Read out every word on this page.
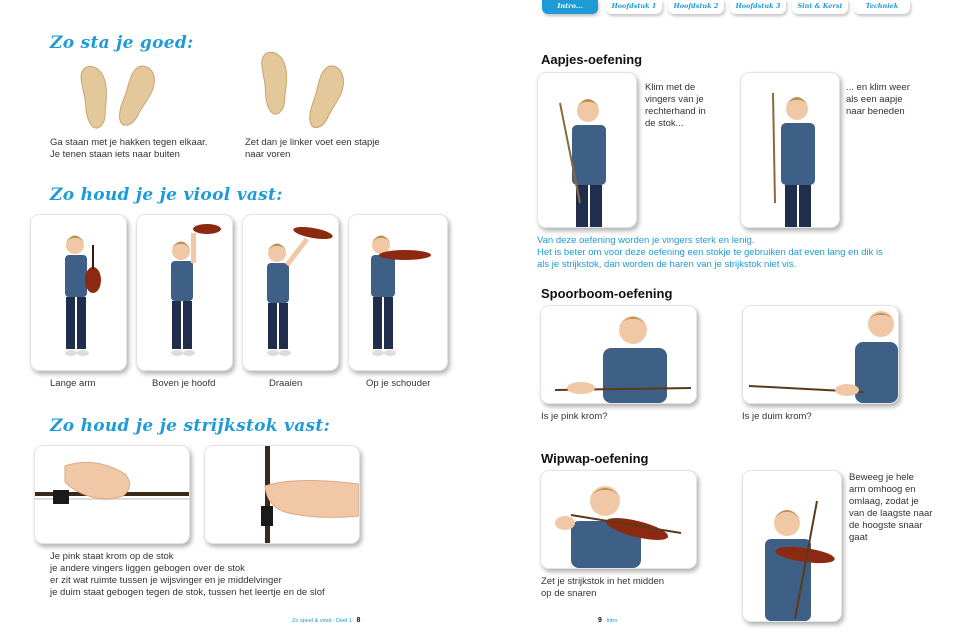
Intro...	Hoofdstuk 1	Hoofdstuk 2	Hoofdstuk 3	Sint & Kerst	Techniek
Zo sta je goed:
Ga staan met je hakken tegen elkaar.
Je tenen staan iets naar buiten
Zet dan je linker voet een stapje
naar voren
Zo houd je je viool vast:
Lange arm	Boven je hoofd	Draaien	Op je schouder
Zo houd je je strijkstok vast:
Je pink staat krom op de stok
je andere vingers liggen gebogen over de stok
er zit wat ruimte tussen je wijsvinger en je middelvinger
je duim staat gebogen tegen de stok, tussen het leertje en de slof
Zo speel & viool - Deel 1 8
Aapjes-oefening
Klim met de
vingers van je
rechterhand in
de stok...
... en klim weer
als een aapje
naar beneden
Van deze oefening worden je vingers sterk en lenig.
Het is beter om voor deze oefening een stokje te gebruiken dat even lang en dik is
als je strijkstok, dan worden de haren van je strijkstok niet vis.
Spoorboom-oefening
Is je pink krom?	Is je duim krom?
Wipwap-oefening
Zet je strijkstok in het midden
op de snaren
Beweeg je hele
arm omhoog en
omlaag, zodat je
van de laagste naar
de hoogste snaar
gaat
9 Intro
